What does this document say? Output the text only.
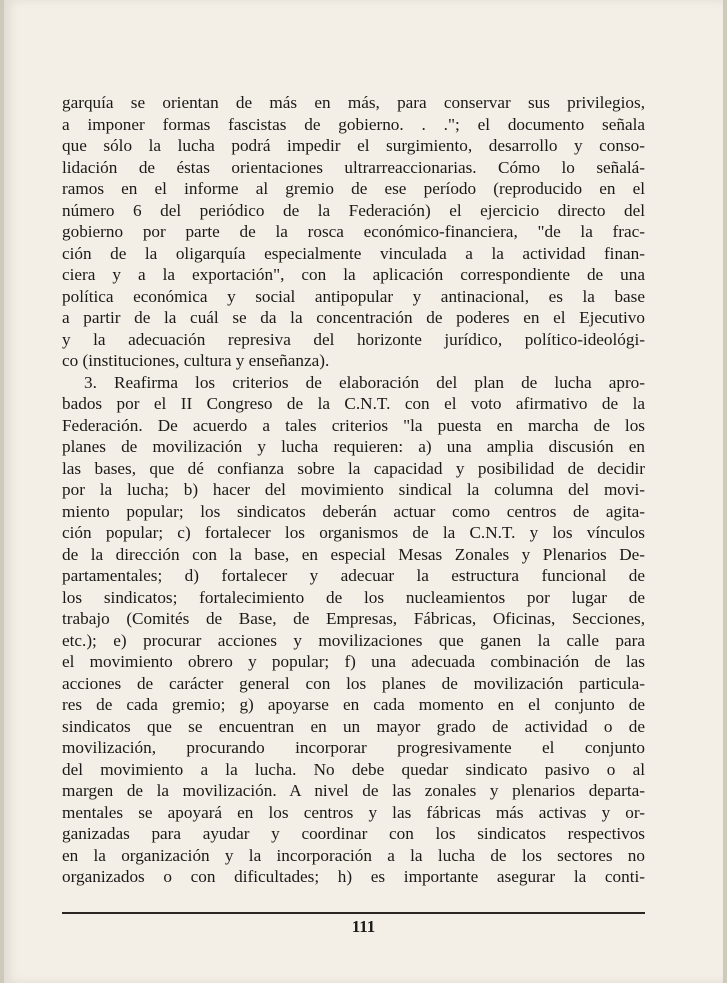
garquía se orientan de más en más, para conservar sus privilegios,
a imponer formas fascistas de gobierno. . ."; el documento señala
que sólo la lucha podrá impedir el surgimiento, desarrollo y conso-
lidación de éstas orientaciones ultrarreaccionarias. Cómo lo señalá-
ramos en el informe al gremio de ese período (reproducido en el
número 6 del periódico de la Federación) el ejercicio directo del
gobierno por parte de la rosca económico-financiera, "de la frac-
ción de la oligarquía especialmente vinculada a la actividad finan-
ciera y a la exportación", con la aplicación correspondiente de una
política económica y social antipopular y antinacional, es la base
a partir de la cuál se da la concentración de poderes en el Ejecutivo
y la adecuación represiva del horizonte jurídico, político-ideológi-
co (instituciones, cultura y enseñanza).
3. Reafirma los criterios de elaboración del plan de lucha apro-
bados por el II Congreso de la C.N.T. con el voto afirmativo de la
Federación. De acuerdo a tales criterios "la puesta en marcha de los
planes de movilización y lucha requieren: a) una amplia discusión en
las bases, que dé confianza sobre la capacidad y posibilidad de decidir
por la lucha; b) hacer del movimiento sindical la columna del movi-
miento popular; los sindicatos deberán actuar como centros de agita-
ción popular; c) fortalecer los organismos de la C.N.T. y los vínculos
de la dirección con la base, en especial Mesas Zonales y Plenarios De-
partamentales; d) fortalecer y adecuar la estructura funcional de
los sindicatos; fortalecimiento de los nucleamientos por lugar de
trabajo (Comités de Base, de Empresas, Fábricas, Oficinas, Secciones,
etc.); e) procurar acciones y movilizaciones que ganen la calle para
el movimiento obrero y popular; f) una adecuada combinación de las
acciones de carácter general con los planes de movilización particula-
res de cada gremio; g) apoyarse en cada momento en el conjunto de
sindicatos que se encuentran en un mayor grado de actividad o de
movilización, procurando incorporar progresivamente el conjunto
del movimiento a la lucha. No debe quedar sindicato pasivo o al
margen de la movilización. A nivel de las zonales y plenarios departa-
mentales se apoyará en los centros y las fábricas más activas y or-
ganizadas para ayudar y coordinar con los sindicatos respectivos
en la organización y la incorporación a la lucha de los sectores no
organizados o con dificultades; h) es importante asegurar la conti-
111
